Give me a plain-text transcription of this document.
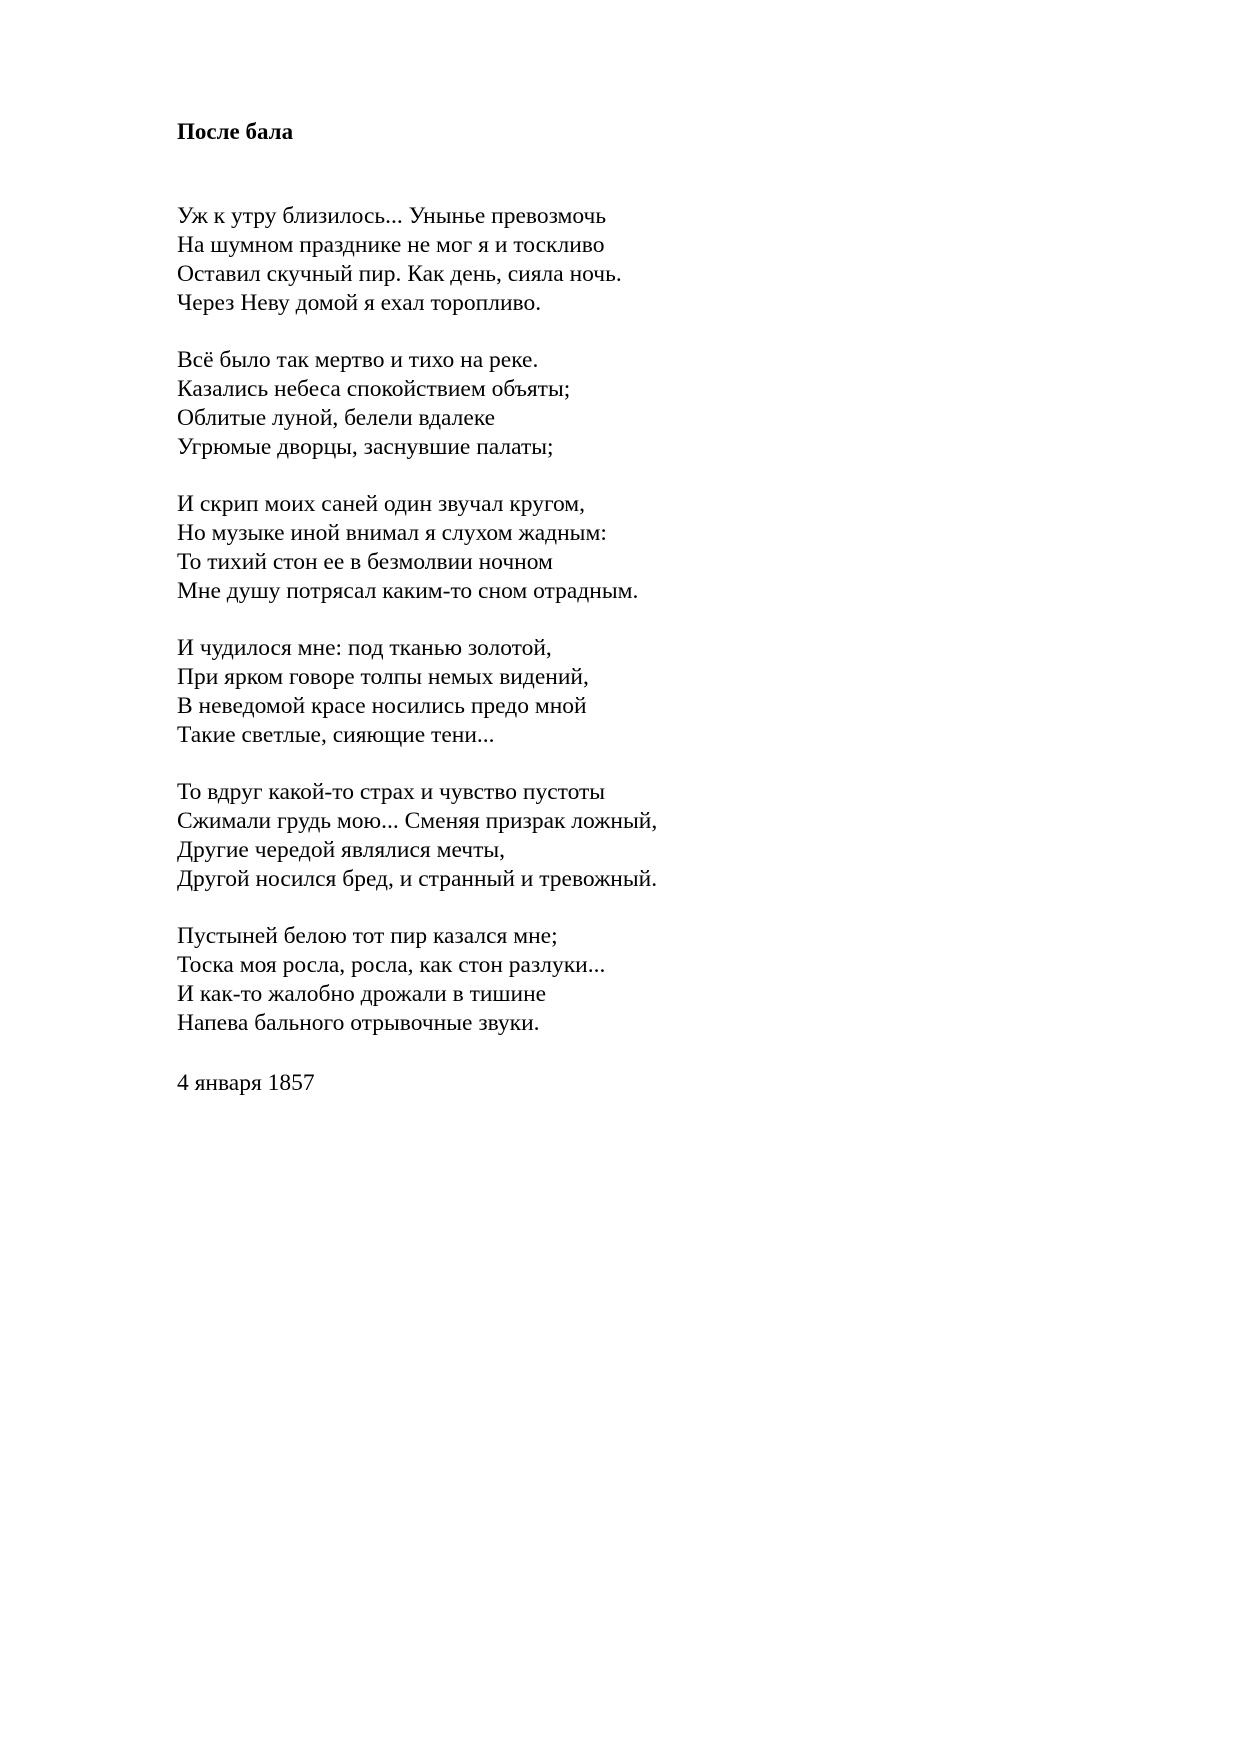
После бала
Уж к утру близилось... Унынье превозмочь
На шумном празднике не мог я и тоскливо
Оставил скучный пир. Как день, сияла ночь.
Через Неву домой я ехал торопливо.
Всё было так мертво и тихо на реке.
Казались небеса спокойствием объяты;
Облитые луной, белели вдалеке
Угрюмые дворцы, заснувшие палаты;
И скрип моих саней один звучал кругом,
Но музыке иной внимал я слухом жадным:
То тихий стон ее в безмолвии ночном
Мне душу потрясал каким-то сном отрадным.
И чудилося мне: под тканью золотой,
При ярком говоре толпы немых видений,
В неведомой красе носились предо мной
Такие светлые, сияющие тени...
То вдруг какой-то страх и чувство пустоты
Сжимали грудь мою... Сменяя призрак ложный,
Другие чередой являлися мечты,
Другой носился бред, и странный и тревожный.
Пустыней белою тот пир казался мне;
Тоска моя росла, росла, как стон разлуки...
И как-то жалобно дрожали в тишине
Напева бального отрывочные звуки.

4 января 1857
